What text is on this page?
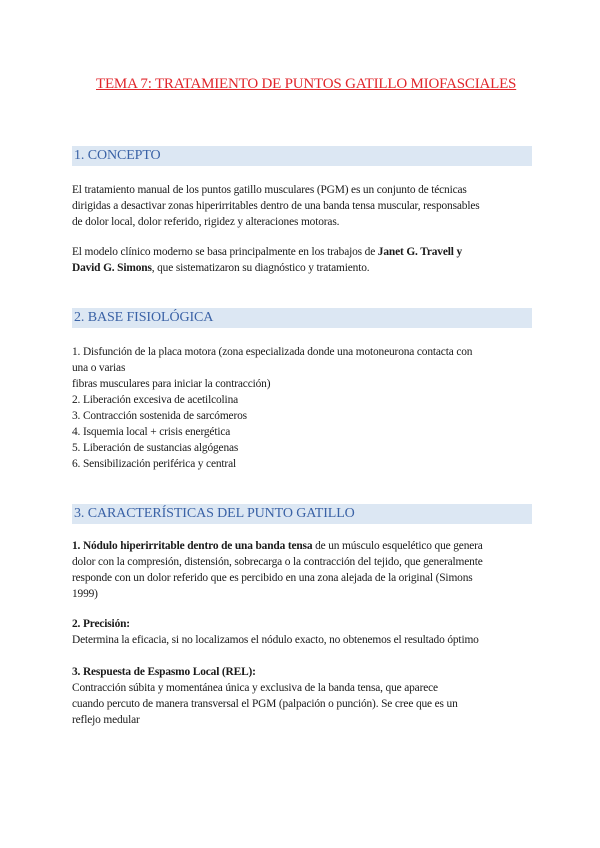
TEMA 7: TRATAMIENTO DE PUNTOS GATILLO MIOFASCIALES
1. CONCEPTO
El tratamiento manual de los puntos gatillo musculares (PGM) es un conjunto de técnicas
dirigidas a desactivar zonas hiperirritables dentro de una banda tensa muscular, responsables
de dolor local, dolor referido, rigidez y alteraciones motoras.
El modelo clínico moderno se basa principalmente en los trabajos de Janet G. Travell y
David G. Simons, que sistematizaron su diagnóstico y tratamiento.
2. BASE FISIOLÓGICA
1. Disfunción de la placa motora (zona especializada donde una motoneurona contacta con
una o varias
fibras musculares para iniciar la contracción)
2. Liberación excesiva de acetilcolina
3. Contracción sostenida de sarcómeros
4. Isquemia local + crisis energética
5. Liberación de sustancias algógenas
6. Sensibilización periférica y central
3. CARACTERÍSTICAS DEL PUNTO GATILLO
1. Nódulo hiperirritable dentro de una banda tensa de un músculo esquelético que genera
dolor con la compresión, distensión, sobrecarga o la contracción del tejido, que generalmente
responde con un dolor referido que es percibido en una zona alejada de la original (Simons
1999)
2. Precisión:
Determina la eficacia, si no localizamos el nódulo exacto, no obtenemos el resultado óptimo
3. Respuesta de Espasmo Local (REL):
Contracción súbita y momentánea única y exclusiva de la banda tensa, que aparece
cuando percuto de manera transversal el PGM (palpación o punción). Se cree que es un
reflejo medular
